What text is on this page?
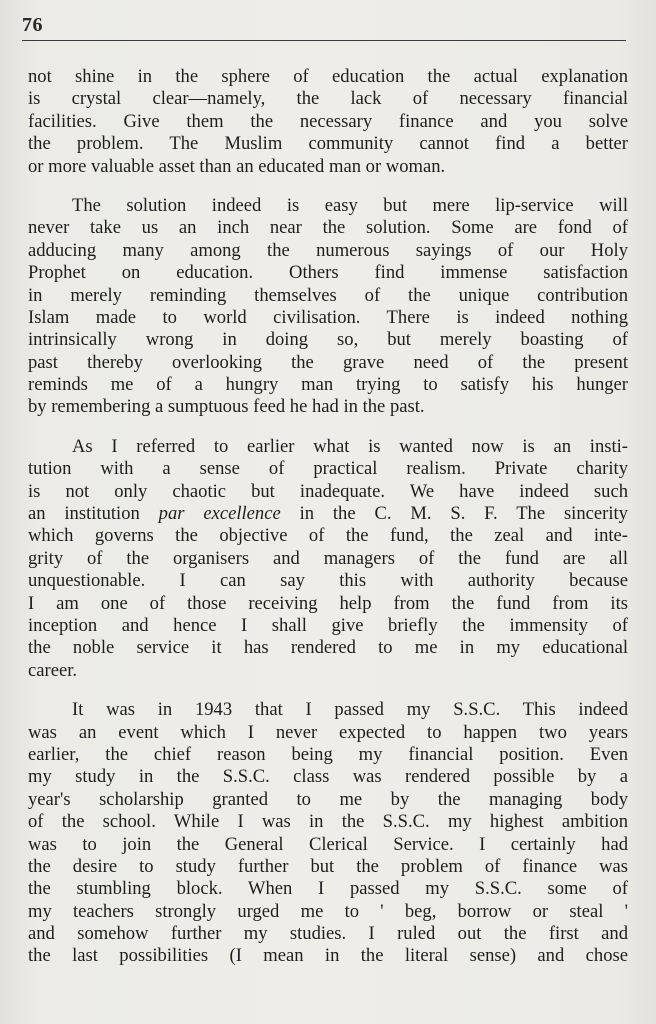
76
not shine in the sphere of education the actual explanation
is crystal clear—namely, the lack of necessary financial
facilities. Give them the necessary finance and you solve
the problem. The Muslim community cannot find a better
or more valuable asset than an educated man or woman.
The solution indeed is easy but mere lip-service will
never take us an inch near the solution. Some are fond of
adducing many among the numerous sayings of our Holy
Prophet on education. Others find immense satisfaction
in merely reminding themselves of the unique contribution
Islam made to world civilisation. There is indeed nothing
intrinsically wrong in doing so, but merely boasting of
past thereby overlooking the grave need of the present
reminds me of a hungry man trying to satisfy his hunger
by remembering a sumptuous feed he had in the past.
As I referred to earlier what is wanted now is an insti-
tution with a sense of practical realism. Private charity
is not only chaotic but inadequate. We have indeed such
an institution par excellence in the C. M. S. F. The sincerity
which governs the objective of the fund, the zeal and inte-
grity of the organisers and managers of the fund are all
unquestionable. I can say this with authority because
I am one of those receiving help from the fund from its
inception and hence I shall give briefly the immensity of
the noble service it has rendered to me in my educational
career.
It was in 1943 that I passed my S.S.C. This indeed
was an event which I never expected to happen two years
earlier, the chief reason being my financial position. Even
my study in the S.S.C. class was rendered possible by a
year's scholarship granted to me by the managing body
of the school. While I was in the S.S.C. my highest ambition
was to join the General Clerical Service. I certainly had
the desire to study further but the problem of finance was
the stumbling block. When I passed my S.S.C. some of
my teachers strongly urged me to ' beg, borrow or steal '
and somehow further my studies. I ruled out the first and
the last possibilities (I mean in the literal sense) and chose
